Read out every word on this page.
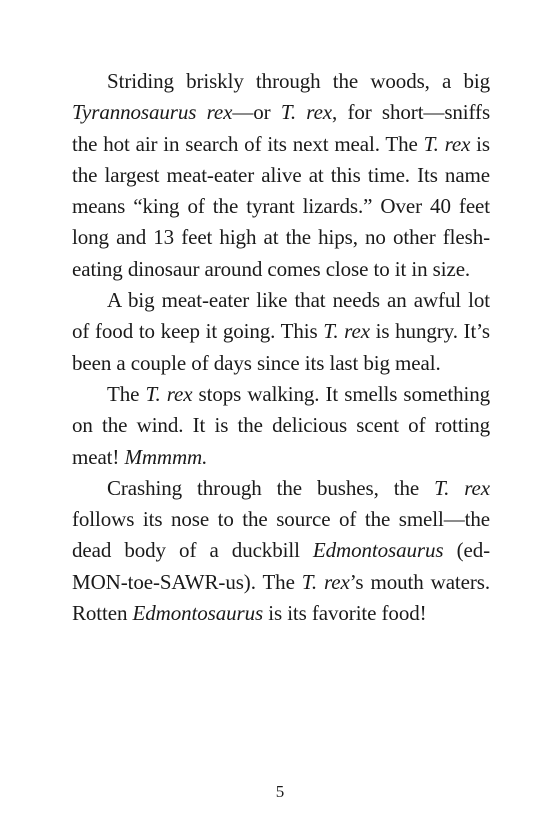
Striding briskly through the woods, a big Tyrannosaurus rex—or T. rex, for short—sniffs the hot air in search of its next meal. The T. rex is the largest meat-eater alive at this time. Its name means “king of the tyrant lizards.” Over 40 feet long and 13 feet high at the hips, no other flesh-eating dinosaur around comes close to it in size.

A big meat-eater like that needs an awful lot of food to keep it going. This T. rex is hungry. It’s been a couple of days since its last big meal.

The T. rex stops walking. It smells something on the wind. It is the delicious scent of rotting meat! Mmmmm.

Crashing through the bushes, the T. rex follows its nose to the source of the smell—the dead body of a duckbill Edmontosaurus (ed-MON-toe-SAWR-us). The T. rex’s mouth waters. Rotten Edmontosaurus is its favorite food!

5
